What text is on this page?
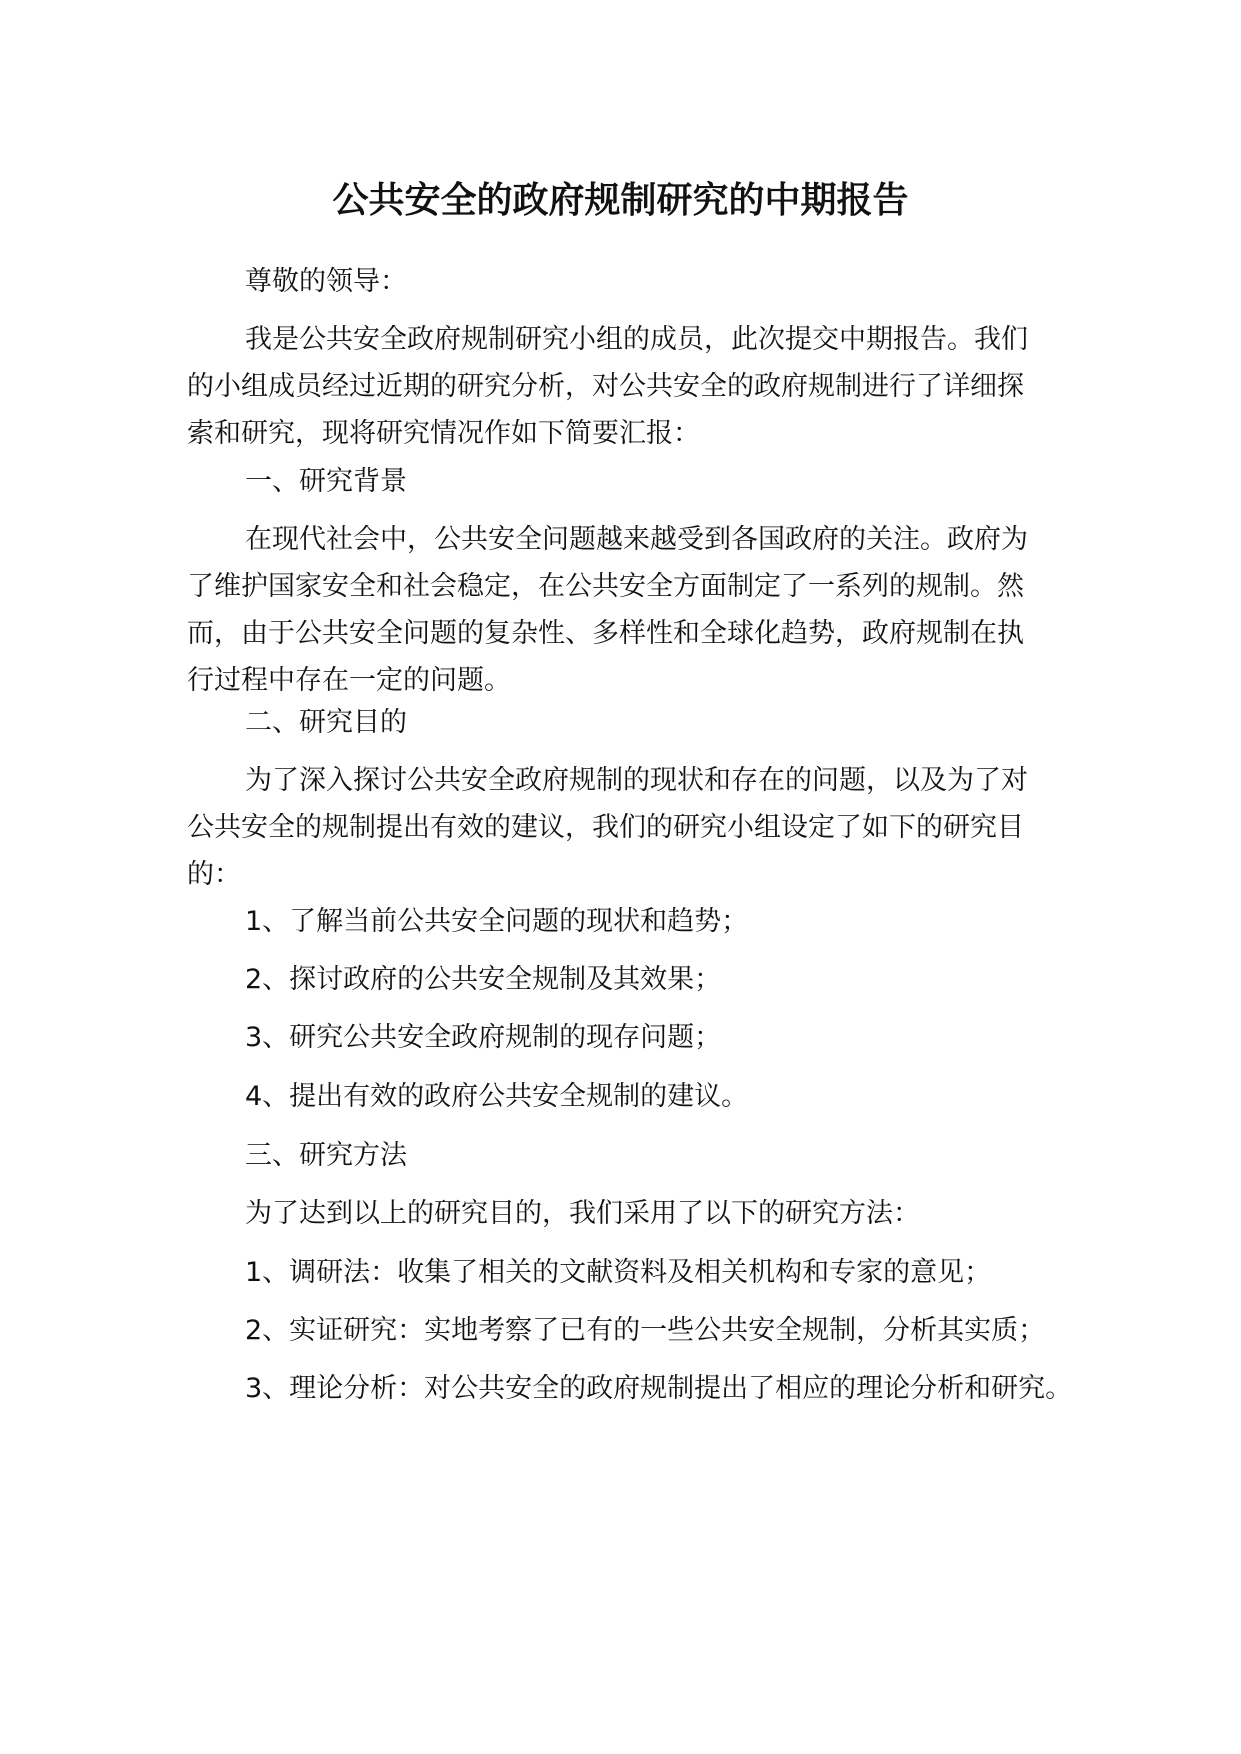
公共安全的政府规制研究的中期报告
尊敬的领导：
我是公共安全政府规制研究小组的成员，此次提交中期报告。我们
的小组成员经过近期的研究分析，对公共安全的政府规制进行了详细探
索和研究，现将研究情况作如下简要汇报：
一、研究背景
在现代社会中，公共安全问题越来越受到各国政府的关注。政府为
了维护国家安全和社会稳定，在公共安全方面制定了一系列的规制。然
而，由于公共安全问题的复杂性、多样性和全球化趋势，政府规制在执
行过程中存在一定的问题。
二、研究目的
为了深入探讨公共安全政府规制的现状和存在的问题，以及为了对
公共安全的规制提出有效的建议，我们的研究小组设定了如下的研究目
的：
1、了解当前公共安全问题的现状和趋势；
2、探讨政府的公共安全规制及其效果；
3、研究公共安全政府规制的现存问题；
4、提出有效的政府公共安全规制的建议。
三、研究方法
为了达到以上的研究目的，我们采用了以下的研究方法：
1、调研法：收集了相关的文献资料及相关机构和专家的意见；
2、实证研究：实地考察了已有的一些公共安全规制，分析其实质；
3、理论分析：对公共安全的政府规制提出了相应的理论分析和研究。
